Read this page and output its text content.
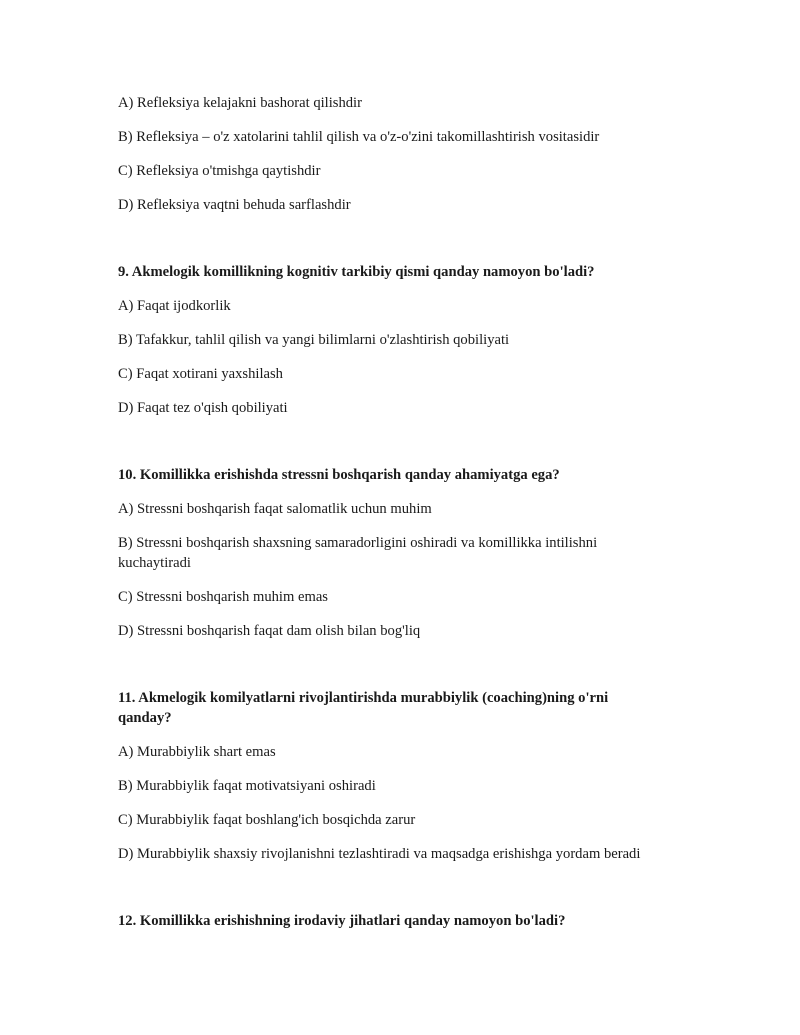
A) Refleksiya kelajakni bashorat qilishdir
B) Refleksiya – o'z xatolarini tahlil qilish va o'z-o'zini takomillashtirish vositasidir
C) Refleksiya o'tmishga qaytishdir
D) Refleksiya vaqtni behuda sarflashdir
9. Akmelogik komillikning kognitiv tarkibiy qismi qanday namoyon bo'ladi?
A) Faqat ijodkorlik
B) Tafakkur, tahlil qilish va yangi bilimlarni o'zlashtirish qobiliyati
C) Faqat xotirani yaxshilash
D) Faqat tez o'qish qobiliyati
10. Komillikka erishishda stressni boshqarish qanday ahamiyatga ega?
A) Stressni boshqarish faqat salomatlik uchun muhim
B) Stressni boshqarish shaxsning samaradorligini oshiradi va komillikka intilishni
kuchaytiradi
C) Stressni boshqarish muhim emas
D) Stressni boshqarish faqat dam olish bilan bog'liq
11. Akmelogik komilyatlarni rivojlantirishda murabbiylik (coaching)ning o'rni
qanday?
A) Murabbiylik shart emas
B) Murabbiylik faqat motivatsiyani oshiradi
C) Murabbiylik faqat boshlang'ich bosqichda zarur
D) Murabbiylik shaxsiy rivojlanishni tezlashtiradi va maqsadga erishishga yordam beradi
12. Komillikka erishishning irodaviy jihatlari qanday namoyon bo'ladi?
